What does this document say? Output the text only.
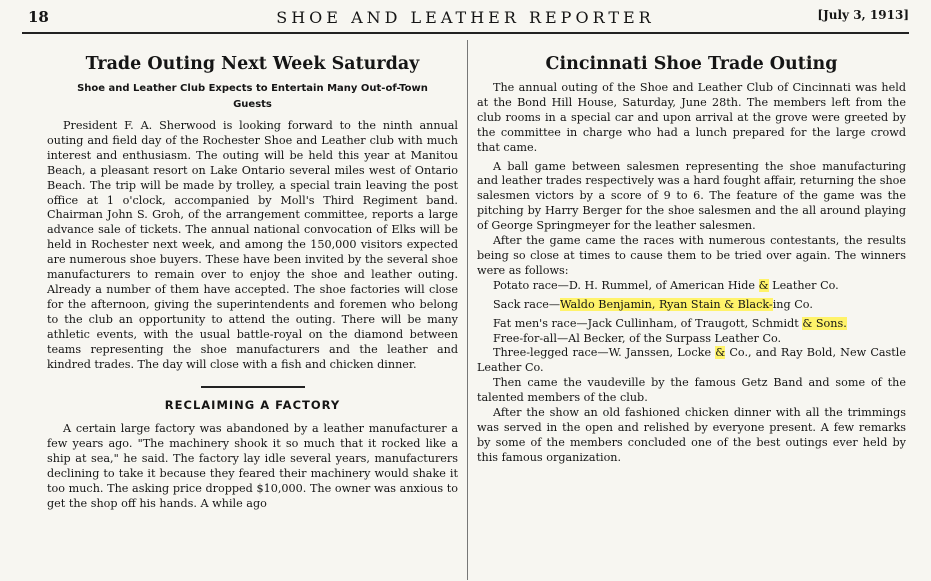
18	SHOE AND LEATHER REPORTER	[July 3, 1913]
Trade Outing Next Week Saturday
Shoe and Leather Club Expects to Entertain Many Out-of-Town Guests

President F. A. Sherwood is looking forward to the ninth annual outing and field day of the Rochester Shoe and Leather club with much interest and enthusiasm. The outing will be held this year at Manitou Beach, a pleasant resort on Lake Ontario several miles west of Ontario Beach. The trip will be made by trolley, a special train leaving the post office at 1 o'clock, accompanied by Moll's Third Regiment band. Chairman John S. Groh, of the arrangement committee, reports a large advance sale of tickets. The annual national convocation of Elks will be held in Rochester next week, and among the 150,000 visitors expected are numerous shoe buyers. These have been invited by the several shoe manufacturers to remain over to enjoy the shoe and leather outing. Already a number of them have accepted. The shoe factories will close for the afternoon, giving the superintendents and foremen who belong to the club an opportunity to attend the outing. There will be many athletic events, with the usual battle-royal on the diamond between teams representing the shoe manufacturers and the leather and kindred trades. The day will close with a fish and chicken dinner.

RECLAIMING A FACTORY

A certain large factory was abandoned by a leather manufacturer a few years ago. "The machinery shook it so much that it rocked like a ship at sea," he said. The factory lay idle several years, manufacturers declining to take it because they feared their machinery would shake it too much. The asking price dropped $10,000. The owner was anxious to get the shop off his hands. A while ago

Cincinnati Shoe Trade Outing

The annual outing of the Shoe and Leather Club of Cincinnati was held at the Bond Hill House, Saturday, June 28th. The members left from the club rooms in a special car and upon arrival at the grove were greeted by the committee in charge who had a lunch prepared for the large crowd that came.

A ball game between salesmen representing the shoe manufacturing and leather trades respectively was a hard fought affair, returning the shoe salesmen victors by a score of 9 to 6. The feature of the game was the pitching by Harry Berger for the shoe salesmen and the all around playing of George Springmeyer for the leather salesmen.

After the game came the races with numerous contestants, the results being so close at times to cause them to be tried over again. The winners were as follows:

Potato race—D. H. Rummel, of American Hide & Leather Co.

Sack race—Waldo Benjamin, Ryan Stain & Black-ing Co.

Fat men's race—Jack Cullinham, of Traugott, Schmidt & Sons.

Free-for-all—Al Becker, of the Surpass Leather Co.

Three-legged race—W. Janssen, Locke & Co., and Ray Bold, New Castle Leather Co.

Then came the vaudeville by the famous Getz Band and some of the talented members of the club.

After the show an old fashioned chicken dinner with all the trimmings was served in the open and relished by everyone present. A few remarks by some of the members concluded one of the best outings ever held by this famous organization.
